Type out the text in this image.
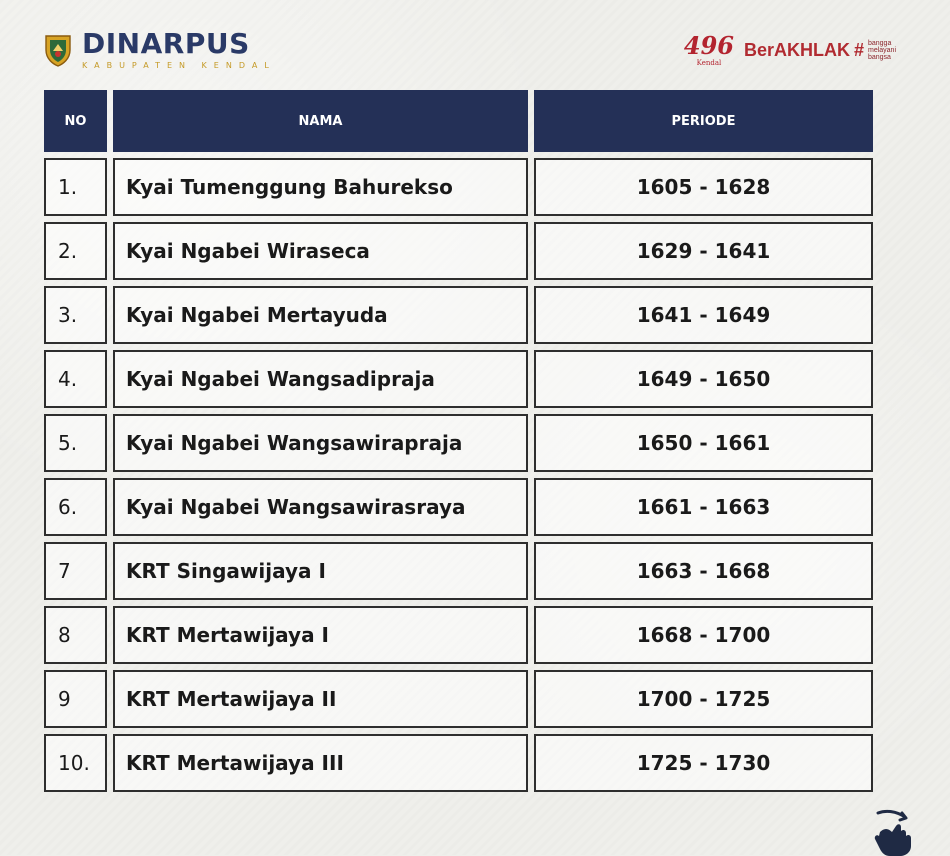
DINARPUS
KABUPATEN KENDAL
496
Kendal
BerAKHLAK # bangga
melayani
bangsa
NO	NAMA	PERIODE
1.	Kyai Tumenggung Bahurekso	1605 - 1628
2.	Kyai Ngabei Wiraseca	1629 - 1641
3.	Kyai Ngabei Mertayuda	1641 - 1649
4.	Kyai Ngabei Wangsadipraja	1649 - 1650
5.	Kyai Ngabei Wangsawirapraja	1650 - 1661
6.	Kyai Ngabei Wangsawirasraya	1661 - 1663
7	KRT Singawijaya I	1663 - 1668
8	KRT Mertawijaya I	1668 - 1700
9	KRT Mertawijaya II	1700 - 1725
10.	KRT Mertawijaya III	1725 - 1730
